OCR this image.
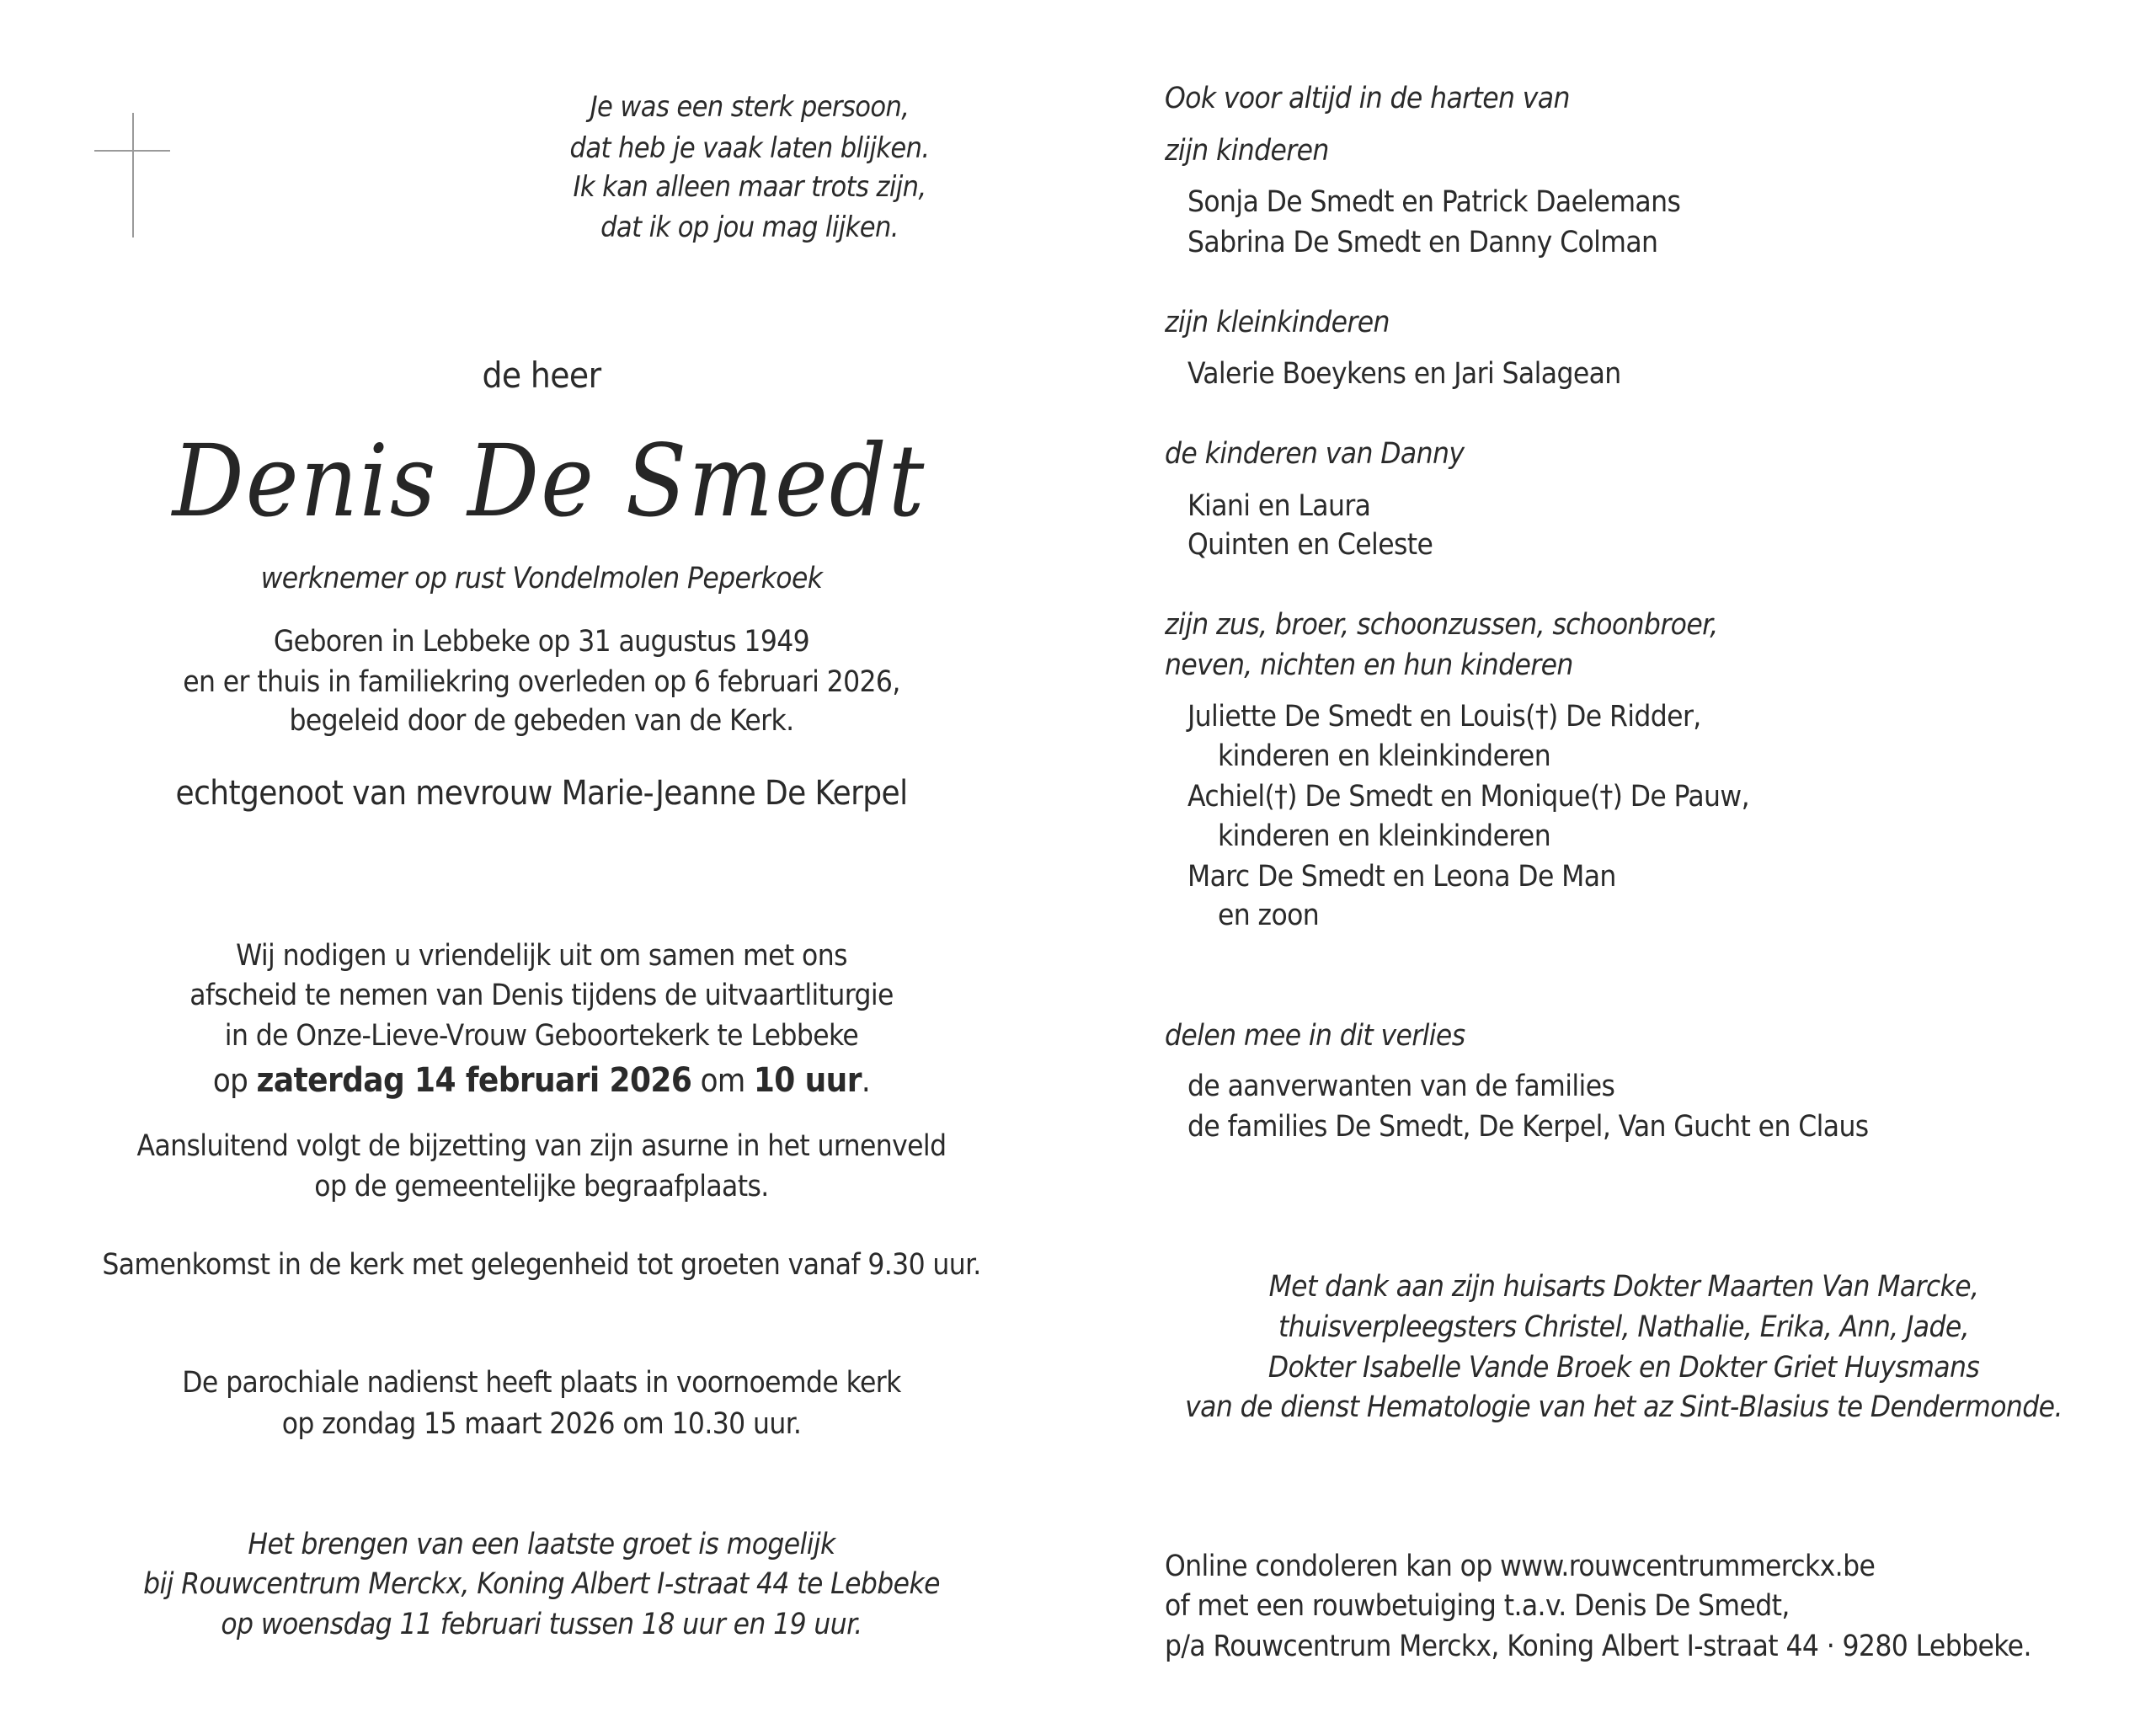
Je was een sterk persoon,
dat heb je vaak laten blijken.
Ik kan alleen maar trots zijn,
dat ik op jou mag lijken.
de heer
Denis De Smedt
werknemer op rust Vondelmolen Peperkoek
Geboren in Lebbeke op 31 augustus 1949
en er thuis in familiekring overleden op 6 februari 2026,
begeleid door de gebeden van de Kerk.
echtgenoot van mevrouw Marie-Jeanne De Kerpel
Wij nodigen u vriendelijk uit om samen met ons
afscheid te nemen van Denis tijdens de uitvaartliturgie
in de Onze-Lieve-Vrouw Geboortekerk te Lebbeke
op zaterdag 14 februari 2026 om 10 uur.
Aansluitend volgt de bijzetting van zijn asurne in het urnenveld
op de gemeentelijke begraafplaats.
Samenkomst in de kerk met gelegenheid tot groeten vanaf 9.30 uur.
De parochiale nadienst heeft plaats in voornoemde kerk
op zondag 15 maart 2026 om 10.30 uur.
Het brengen van een laatste groet is mogelijk
bij Rouwcentrum Merckx, Koning Albert I-straat 44 te Lebbeke
op woensdag 11 februari tussen 18 uur en 19 uur.
Ook voor altijd in de harten van
zijn kinderen
Sonja De Smedt en Patrick Daelemans
Sabrina De Smedt en Danny Colman
zijn kleinkinderen
Valerie Boeykens en Jari Salagean
de kinderen van Danny
Kiani en Laura
Quinten en Celeste
zijn zus, broer, schoonzussen, schoonbroer,
neven, nichten en hun kinderen
Juliette De Smedt en Louis(†) De Ridder,
kinderen en kleinkinderen
Achiel(†) De Smedt en Monique(†) De Pauw,
kinderen en kleinkinderen
Marc De Smedt en Leona De Man
en zoon
delen mee in dit verlies
de aanverwanten van de families
de families De Smedt, De Kerpel, Van Gucht en Claus
Met dank aan zijn huisarts Dokter Maarten Van Marcke,
thuisverpleegsters Christel, Nathalie, Erika, Ann, Jade,
Dokter Isabelle Vande Broek en Dokter Griet Huysmans
van de dienst Hematologie van het az Sint-Blasius te Dendermonde.
Online condoleren kan op www.rouwcentrummerckx.be
of met een rouwbetuiging t.a.v. Denis De Smedt,
p/a Rouwcentrum Merckx, Koning Albert I-straat 44 · 9280 Lebbeke.
